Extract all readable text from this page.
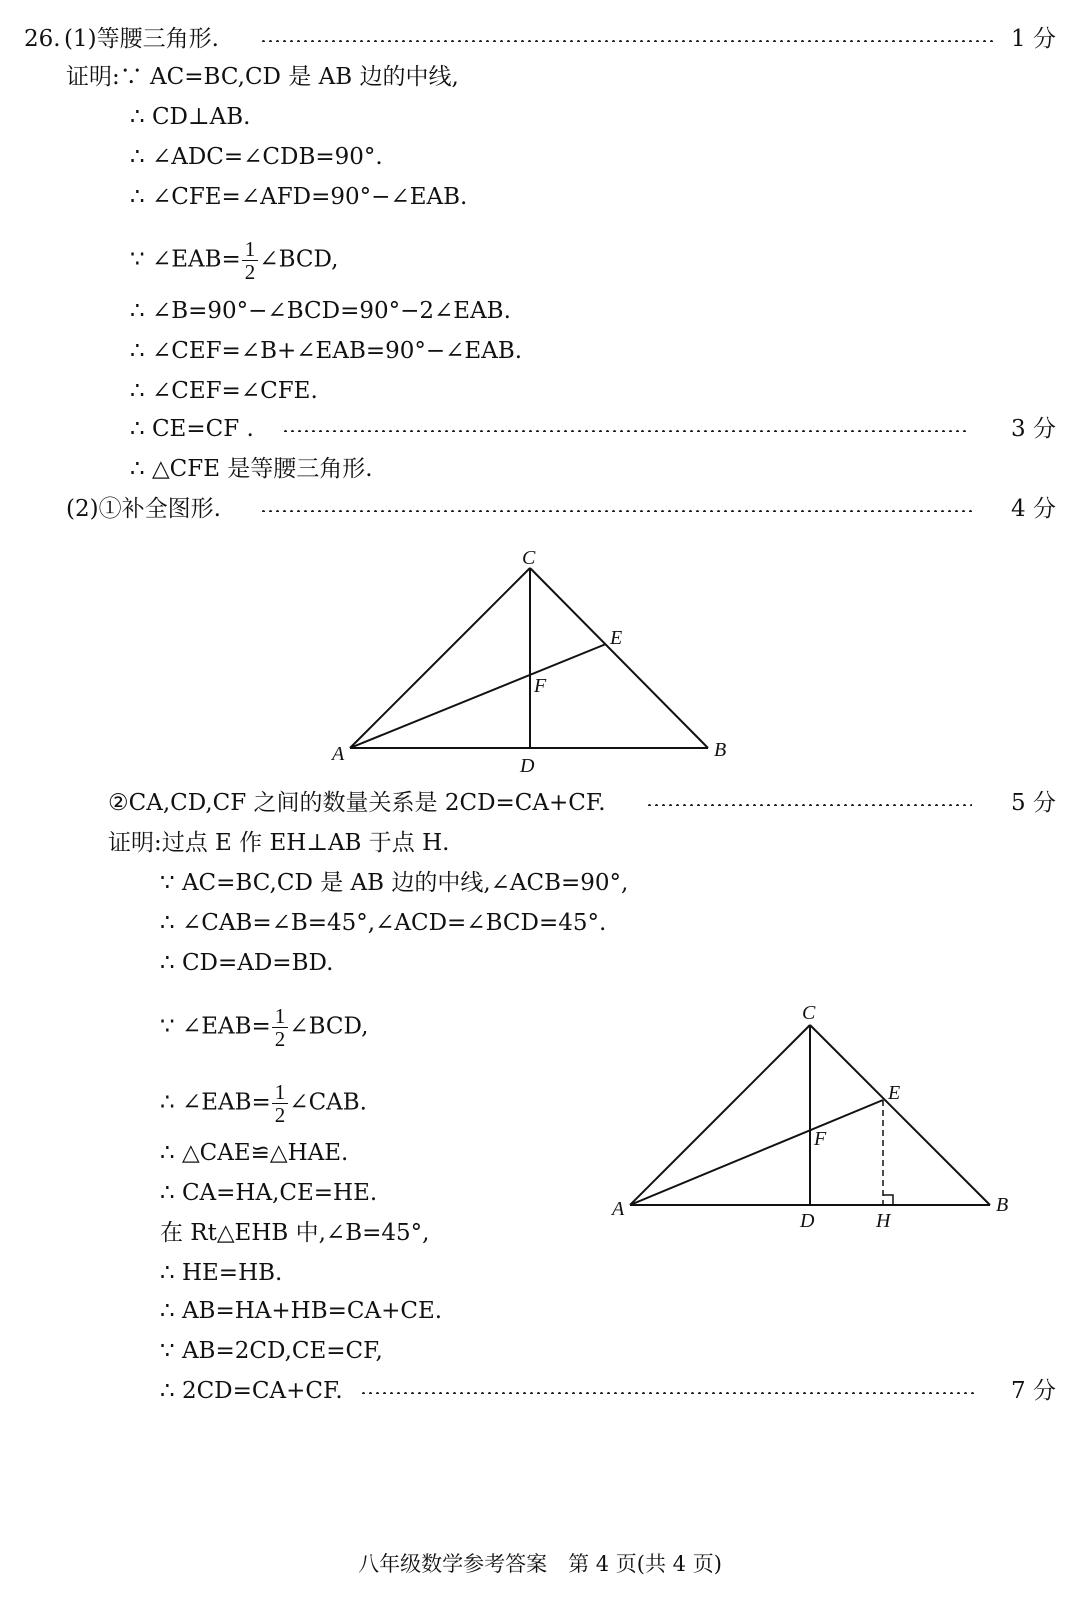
26. (1)等腰三角形.	1 分
证明:∵ AC=BC,CD 是 AB 边的中线,
∴ CD⊥AB.
∴ ∠ADC=∠CDB=90°.
∴ ∠CFE=∠AFD=90°−∠EAB.
∵ ∠EAB= $\frac{1}{2}$ ∠BCD,
∴ ∠B=90°−∠BCD=90°−2∠EAB.
∴ ∠CEF=∠B+∠EAB=90°−∠EAB.
∴ ∠CEF=∠CFE.
∴ CE=CF .	3 分
∴ △CFE 是等腰三角形.
(2)①补全图形.	4 分
C
E
F
A	B
D
②CA,CD,CF 之间的数量关系是 2CD=CA+CF.	5 分
证明:过点 E 作 EH⊥AB 于点 H.
∵ AC=BC,CD 是 AB 边的中线,∠ACB=90°,
∴ ∠CAB=∠B=45°,∠ACD=∠BCD=45°.
∴ CD=AD=BD.
∵ ∠EAB= $\frac{1}{2}$ ∠BCD,
∴ ∠EAB= $\frac{1}{2}$ ∠CAB.
∴ △CAE≌△HAE.
∴ CA=HA,CE=HE.
在 Rt△EHB 中,∠B=45°,
∴ HE=HB.
∴ AB=HA+HB=CA+CE.
∵ AB=2CD,CE=CF,
∴ 2CD=CA+CF.	7 分
C
E
F
A	B
D	H
八年级数学参考答案　第 4 页(共 4 页)
